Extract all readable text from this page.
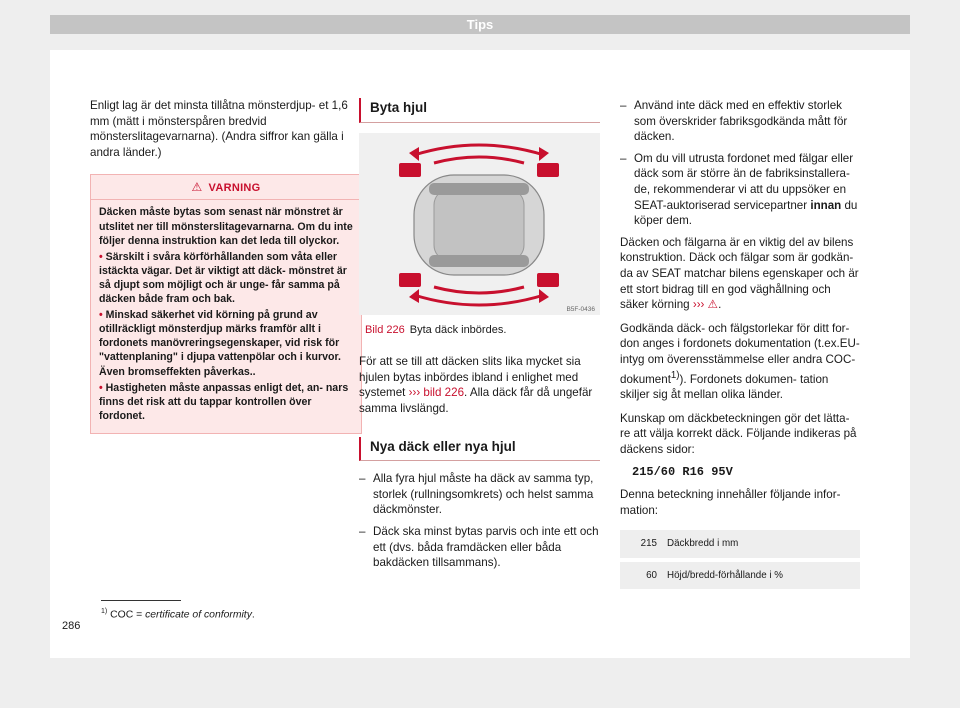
Tips

Enligt lag är det minsta tillåtna mönsterdjup- et 1,6 mm (mätt i mönsterspåren bredvid mönsterslitagevarnarna). (Andra siffror kan gälla i andra länder.)

⚠ VARNING

Däcken måste bytas som senast när mönstret är utslitet ner till mönsterslitagevarnarna. Om du inte följer denna instruktion kan det leda till olyckor.

• Särskilt i svåra körförhållanden som våta eller istäckta vägar. Det är viktigt att däck- mönstret är så djupt som möjligt och är unge- får samma på däcken både fram och bak.

• Minskad säkerhet vid körning på grund av otillräckligt mönsterdjup märks framför allt i fordonets manövreringsegenskaper, vid risk för "vattenplaning" i djupa vattenpölar och i kurvor. Även bromseffekten påverkas..

• Hastigheten måste anpassas enligt det, an- nars finns det risk att du tappar kontrollen över fordonet.

Byta hjul
B5F-0436
Bild 226 Byta däck inbördes.

För att se till att däcken slits lika mycket sia hjulen bytas inbördes ibland i enlighet med systemet ››› bild 226. Alla däck får då ungefär samma livslängd.

Nya däck eller nya hjul
– Alla fyra hjul måste ha däck av samma typ, storlek (rullningsomkrets) och helst samma däckmönster.
– Däck ska minst bytas parvis och inte ett och ett (dvs. båda framdäcken eller båda bakdäcken tillsammans).
– Använd inte däck med en effektiv storlek som överskrider fabriksgodkända mått för däcken.
– Om du vill utrusta fordonet med fälgar eller däck som är större än de fabriksinstallera- de, rekommenderar vi att du uppsöker en SEAT-auktoriserad servicepartner innan du köper dem.

Däcken och fälgarna är en viktig del av bilens konstruktion. Däck och fälgar som är godkän- da av SEAT matchar bilens egenskaper och är ett stort bidrag till en god väghållning och säker körning ››› ⚠.

Godkända däck- och fälgstorlekar för ditt for- don anges i fordonets dokumentation (t.ex.EU-intyg om överensstämmelse eller andra COC-dokument$^{1)}$). Fordonets dokumen- tation skiljer sig åt mellan olika länder.

Kunskap om däckbeteckningen gör det lätta- re att välja korrekt däck. Följande indikeras på däckens sidor:

215/60 R16 95V

Denna beteckning innehåller följande infor- mation:

215	Däckbredd i mm
60	Höjd/bredd-förhållande i %
$^{1)}$ COC = certificate of conformity.
286
